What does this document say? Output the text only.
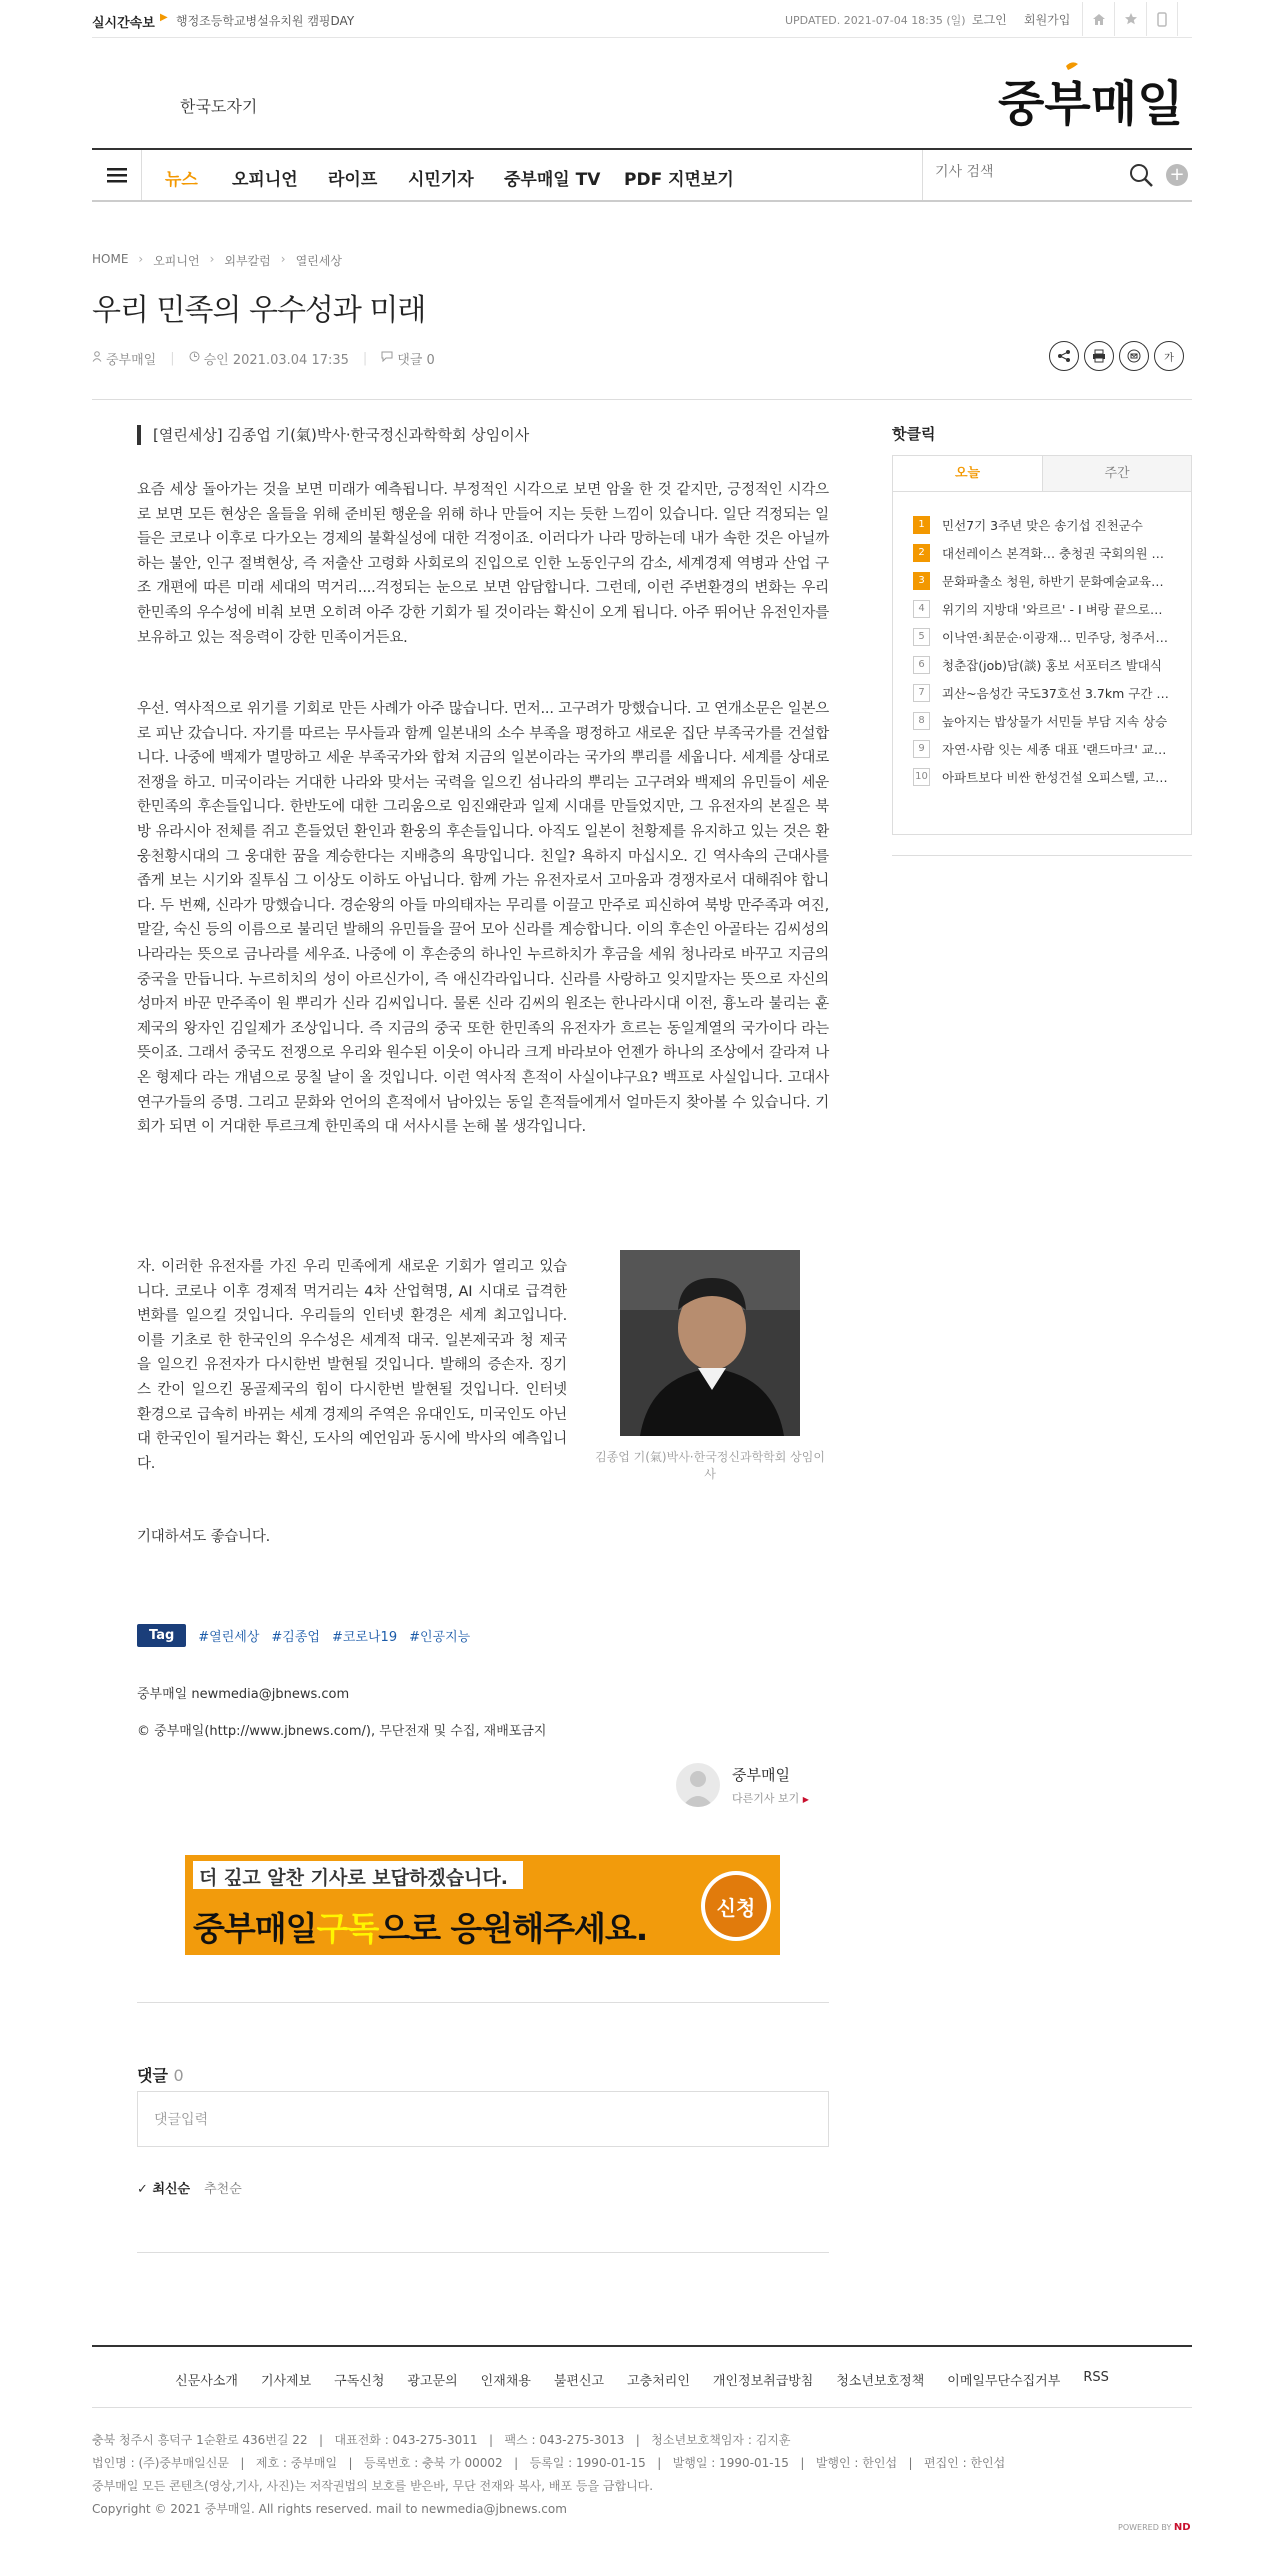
실시간속보 ▶ 행정조등학교병설유치원 캠핑DAY	UPDATED. 2021-07-04 18:35 (일) 로그인 회원가입
한국도자기	중부매일
뉴스 오피니언 라이프 시민기자 중부매일 TV PDF 지면보기
기사 검색	+
HOME › 오피니언 › 외부칼럼 › 열린세상
우리 민족의 우수성과 미래
중부매일 | 승인 2021.03.04 17:35 | 댓글 0	가
[열린세상] 김종업 기(氣)박사·한국정신과학학회 상임이사

요즘 세상 돌아가는 것을 보면 미래가 예측됩니다. 부정적인 시각으로 보면 암울 한 것 같지만, 긍정적인 시각으로 보면 모든 현상은 올들을 위해 준비된 행운을 위해 하나 만들어 지는 듯한 느낌이 있습니다. 일단 걱정되는 일들은 코로나 이후로 다가오는 경제의 불확실성에 대한 걱정이죠. 이러다가 나라 망하는데 내가 속한 것은 아닐까 하는 불안, 인구 절벽현상, 즉 저출산 고령화 사회로의 진입으로 인한 노동인구의 감소, 세계경제 역병과 산업 구조 개편에 따른 미래 세대의 먹거리....걱정되는 눈으로 보면 암담합니다. 그런데, 이런 주변환경의 변화는 우리 한민족의 우수성에 비춰 보면 오히려 아주 강한 기회가 될 것이라는 확신이 오게 됩니다. 아주 뛰어난 유전인자를 보유하고 있는 적응력이 강한 민족이거든요.

우선. 역사적으로 위기를 기회로 만든 사례가 아주 많습니다. 먼저... 고구려가 망했습니다. 고 연개소문은 일본으로 피난 갔습니다. 자기를 따르는 무사들과 함께 일본내의 소수 부족을 평정하고 새로운 집단 부족국가를 건설합니다. 나중에 백제가 멸망하고 세운 부족국가와 합쳐 지금의 일본이라는 국가의 뿌리를 세웁니다. 세계를 상대로 전쟁을 하고. 미국이라는 거대한 나라와 맞서는 국력을 일으킨 섬나라의 뿌리는 고구려와 백제의 유민들이 세운 한민족의 후손들입니다. 한반도에 대한 그리움으로 임진왜란과 일제 시대를 만들었지만, 그 유전자의 본질은 북방 유라시아 전체를 쥐고 흔들었던 환인과 환웅의 후손들입니다. 아직도 일본이 천황제를 유지하고 있는 것은 환웅천황시대의 그 웅대한 꿈을 계승한다는 지배층의 욕망입니다. 친일? 욕하지 마십시오. 긴 역사속의 근대사를 좁게 보는 시기와 질투심 그 이상도 이하도 아닙니다. 함께 가는 유전자로서 고마움과 경쟁자로서 대해줘야 합니다. 두 번째, 신라가 망했습니다. 경순왕의 아들 마의태자는 무리를 이끌고 만주로 피신하여 북방 만주족과 여진, 말갈, 숙신 등의 이름으로 불리던 발해의 유민들을 끌어 모아 신라를 계승합니다. 이의 후손인 아골타는 김씨성의 나라라는 뜻으로 금나라를 세우죠. 나중에 이 후손중의 하나인 누르하치가 후금을 세워 청나라로 바꾸고 지금의 중국을 만듭니다. 누르히치의 성이 아르신가이, 즉 애신각라입니다. 신라를 사랑하고 잊지말자는 뜻으로 자신의 성마저 바꾼 만주족이 원 뿌리가 신라 김씨입니다. 물론 신라 김씨의 원조는 한나라시대 이전, 흉노라 불리는 훈 제국의 왕자인 김일제가 조상입니다. 즉 지금의 중국 또한 한민족의 유전자가 흐르는 동일계열의 국가이다 라는 뜻이죠. 그래서 중국도 전쟁으로 우리와 원수된 이웃이 아니라 크게 바라보아 언젠가 하나의 조상에서 갈라져 나온 형제다 라는 개념으로 뭉칠 날이 올 것입니다. 이런 역사적 흔적이 사실이냐구요? 백프로 사실입니다. 고대사 연구가들의 증명. 그리고 문화와 언어의 흔적에서 남아있는 동일 흔적들에게서 얼마든지 찾아볼 수 있습니다. 기회가 되면 이 거대한 투르크계 한민족의 대 서사시를 논해 볼 생각입니다.

김종업 기(氣)박사·한국정신과학학회 상임이사

자. 이러한 유전자를 가진 우리 민족에게 새로운 기회가 열리고 있습니다. 코로나 이후 경제적 먹거리는 4차 산업혁명, AI 시대로 급격한 변화를 일으킬 것입니다. 우리들의 인터넷 환경은 세계 최고입니다. 이를 기초로 한 한국인의 우수성은 세계적 대국. 일본제국과 청 제국을 일으킨 유전자가 다시한번 발현될 것입니다. 발해의 증손자. 징기스 칸이 일으킨 몽골제국의 힘이 다시한번 발현될 것입니다. 인터넷 환경으로 급속히 바뀌는 세계 경제의 주역은 유대인도, 미국인도 아닌 대 한국인이 될거라는 확신, 도사의 예언임과 동시에 박사의 예측입니다.

기대하셔도 좋습니다.

Tag	#열린세상 #김종업 #코로나19 #인공지능
중부매일 newmedia@jbnews.com
© 중부매일(http://www.jbnews.com/), 무단전재 및 수집, 재배포금지
중부매일
다른기사 보기 ▶
더 깊고 알찬 기사로 보답하겠습니다.
중부매일구독으로 응원해주세요.
신청
댓글 0
댓글입력
✓ 최신순 추천순
핫클릭
오늘	주간
1	민선7기 3주년 맞은 송기섭 진천군수
2	대선레이스 본격화… 충청권 국회의원 …
3	문화파출소 청원, 하반기 문화예술교육…
4	위기의 지방대 '와르르' - Ⅰ 벼랑 끝으로…
5	이낙연·최문순·이광재… 민주당, 청주서…
6	청춘잡(job)담(談) 홍보 서포터즈 발대식
7	괴산~음성간 국도37호선 3.7km 구간 …
8	높아지는 밥상물가 서민들 부담 지속 상승
9	자연·사람 잇는 세종 대표 '랜드마크' 교…
10 아파트보다 비싼 한성건설 오피스텔, 고…
신문사소개 기사제보 구독신청 광고문의 인재채용 불편신고 고충처리인 개인정보취급방침 청소년보호정책 이메일무단수집거부 RSS
충북 청주시 흥덕구 1순환로 436번길 22   |   대표전화 : 043-275-3011   |   팩스 : 043-275-3013   |   청소년보호책임자 : 김지훈
법인명 : (주)중부매일신문   |   제호 : 중부매일   |   등록번호 : 충북 가 00002   |   등록일 : 1990-01-15   |   발행일 : 1990-01-15   |   발행인 : 한인섭   |   편집인 : 한인섭
중부매일 모든 콘텐츠(영상,기사, 사진)는 저작권법의 보호를 받은바, 무단 전재와 복사, 배포 등을 금합니다.
Copyright © 2021 중부매일. All rights reserved. mail to newmedia@jbnews.com
POWERED BY ND
